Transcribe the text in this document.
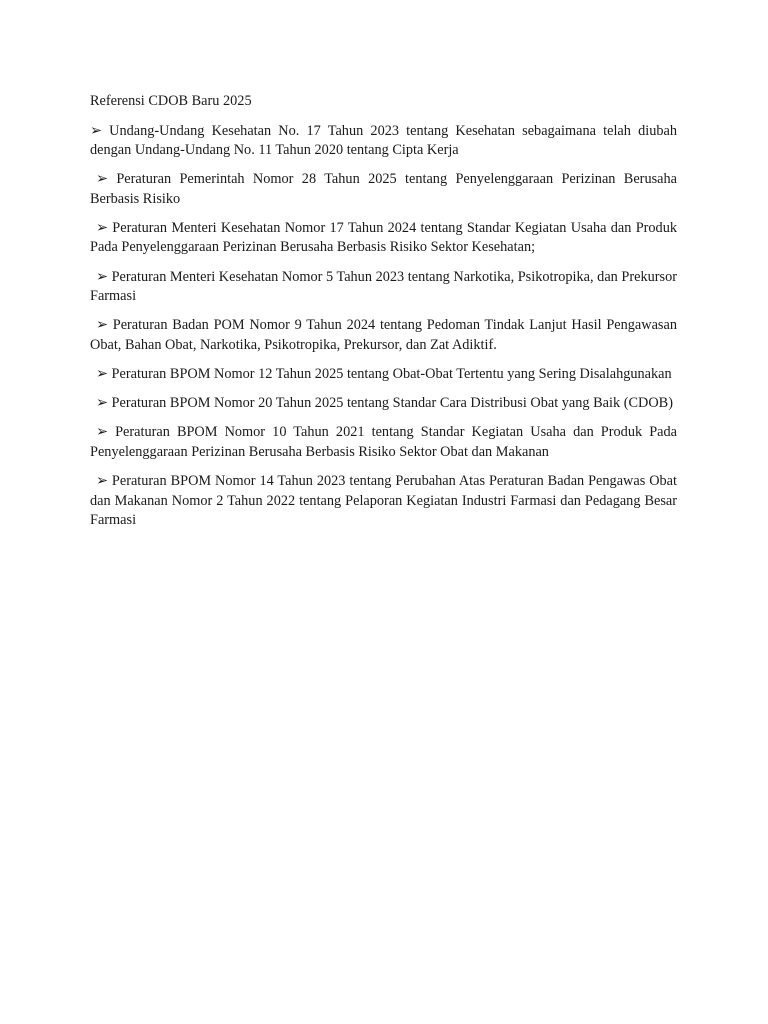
Referensi CDOB Baru 2025

➢ Undang-Undang Kesehatan No. 17 Tahun 2023 tentang Kesehatan sebagaimana telah diubah dengan Undang-Undang No. 11 Tahun 2020 tentang Cipta Kerja

➢ Peraturan Pemerintah Nomor 28 Tahun 2025 tentang Penyelenggaraan Perizinan Berusaha Berbasis Risiko

➢ Peraturan Menteri Kesehatan Nomor 17 Tahun 2024 tentang Standar Kegiatan Usaha dan Produk Pada Penyelenggaraan Perizinan Berusaha Berbasis Risiko Sektor Kesehatan;

➢ Peraturan Menteri Kesehatan Nomor 5 Tahun 2023 tentang Narkotika, Psikotropika, dan Prekursor Farmasi

➢ Peraturan Badan POM Nomor 9 Tahun 2024 tentang Pedoman Tindak Lanjut Hasil Pengawasan Obat, Bahan Obat, Narkotika, Psikotropika, Prekursor, dan Zat Adiktif.

➢ Peraturan BPOM Nomor 12 Tahun 2025 tentang Obat-Obat Tertentu yang Sering Disalahgunakan

➢ Peraturan BPOM Nomor 20 Tahun 2025 tentang Standar Cara Distribusi Obat yang Baik (CDOB)

➢ Peraturan BPOM Nomor 10 Tahun 2021 tentang Standar Kegiatan Usaha dan Produk Pada Penyelenggaraan Perizinan Berusaha Berbasis Risiko Sektor Obat dan Makanan

➢ Peraturan BPOM Nomor 14 Tahun 2023 tentang Perubahan Atas Peraturan Badan Pengawas Obat dan Makanan Nomor 2 Tahun 2022 tentang Pelaporan Kegiatan Industri Farmasi dan Pedagang Besar Farmasi
